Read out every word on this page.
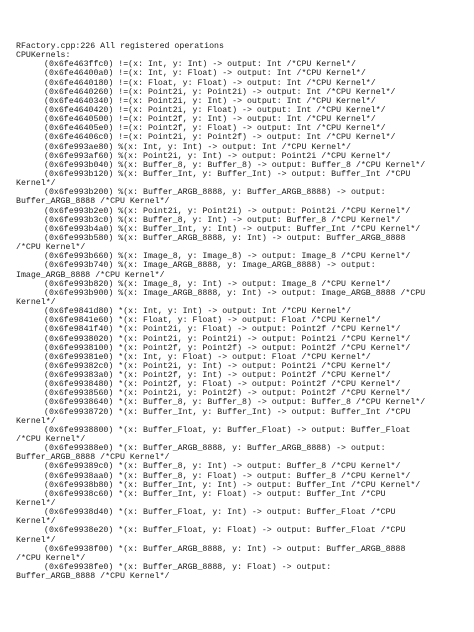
RFactory.cpp:226 All registered operations
CPUKernels:
(0x6fe463ffc0) !=(x: Int, y: Int) -> output: Int /*CPU Kernel*/
(0x6fe46400a0) !=(x: Int, y: Float) -> output: Int /*CPU Kernel*/
(0x6fe4640180) !=(x: Float, y: Float) -> output: Int /*CPU Kernel*/
(0x6fe4640260) !=(x: Point2i, y: Point2i) -> output: Int /*CPU Kernel*/
(0x6fe4640340) !=(x: Point2i, y: Int) -> output: Int /*CPU Kernel*/
(0x6fe4640420) !=(x: Point2i, y: Float) -> output: Int /*CPU Kernel*/
(0x6fe4640500) !=(x: Point2f, y: Int) -> output: Int /*CPU Kernel*/
(0x6fe46405e0) !=(x: Point2f, y: Float) -> output: Int /*CPU Kernel*/
(0x6fe46406c0) !=(x: Point2i, y: Point2f) -> output: Int /*CPU Kernel*/
(0x6fe993ae80) %(x: Int, y: Int) -> output: Int /*CPU Kernel*/
(0x6fe993af60) %(x: Point2i, y: Int) -> output: Point2i /*CPU Kernel*/
(0x6fe993b040) %(x: Buffer_8, y: Buffer_8) -> output: Buffer_8 /*CPU Kernel*/
(0x6fe993b120) %(x: Buffer_Int, y: Buffer_Int) -> output: Buffer_Int /*CPU
Kernel*/
(0x6fe993b200) %(x: Buffer_ARGB_8888, y: Buffer_ARGB_8888) -> output:
Buffer_ARGB_8888 /*CPU Kernel*/
(0x6fe993b2e0) %(x: Point2i, y: Point2i) -> output: Point2i /*CPU Kernel*/
(0x6fe993b3c0) %(x: Buffer_8, y: Int) -> output: Buffer_8 /*CPU Kernel*/
(0x6fe993b4a0) %(x: Buffer_Int, y: Int) -> output: Buffer_Int /*CPU Kernel*/
(0x6fe993b580) %(x: Buffer_ARGB_8888, y: Int) -> output: Buffer_ARGB_8888
/*CPU Kernel*/
(0x6fe993b660) %(x: Image_8, y: Image_8) -> output: Image_8 /*CPU Kernel*/
(0x6fe993b740) %(x: Image_ARGB_8888, y: Image_ARGB_8888) -> output:
Image_ARGB_8888 /*CPU Kernel*/
(0x6fe993b820) %(x: Image_8, y: Int) -> output: Image_8 /*CPU Kernel*/
(0x6fe993b900) %(x: Image_ARGB_8888, y: Int) -> output: Image_ARGB_8888 /*CPU
Kernel*/
(0x6fe9841d80) *(x: Int, y: Int) -> output: Int /*CPU Kernel*/
(0x6fe9841e60) *(x: Float, y: Float) -> output: Float /*CPU Kernel*/
(0x6fe9841f40) *(x: Point2i, y: Float) -> output: Point2f /*CPU Kernel*/
(0x6fe9938020) *(x: Point2i, y: Point2i) -> output: Point2i /*CPU Kernel*/
(0x6fe9938100) *(x: Point2f, y: Point2f) -> output: Point2f /*CPU Kernel*/
(0x6fe99381e0) *(x: Int, y: Float) -> output: Float /*CPU Kernel*/
(0x6fe99382c0) *(x: Point2i, y: Int) -> output: Point2i /*CPU Kernel*/
(0x6fe99383a0) *(x: Point2f, y: Int) -> output: Point2f /*CPU Kernel*/
(0x6fe9938480) *(x: Point2f, y: Float) -> output: Point2f /*CPU Kernel*/
(0x6fe9938560) *(x: Point2i, y: Point2f) -> output: Point2f /*CPU Kernel*/
(0x6fe9938640) *(x: Buffer_8, y: Buffer_8) -> output: Buffer_8 /*CPU Kernel*/
(0x6fe9938720) *(x: Buffer_Int, y: Buffer_Int) -> output: Buffer_Int /*CPU
Kernel*/
(0x6fe9938800) *(x: Buffer_Float, y: Buffer_Float) -> output: Buffer_Float
/*CPU Kernel*/
(0x6fe99388e0) *(x: Buffer_ARGB_8888, y: Buffer_ARGB_8888) -> output:
Buffer_ARGB_8888 /*CPU Kernel*/
(0x6fe99389c0) *(x: Buffer_8, y: Int) -> output: Buffer_8 /*CPU Kernel*/
(0x6fe9938aa0) *(x: Buffer_8, y: Float) -> output: Buffer_8 /*CPU Kernel*/
(0x6fe9938b80) *(x: Buffer_Int, y: Int) -> output: Buffer_Int /*CPU Kernel*/
(0x6fe9938c60) *(x: Buffer_Int, y: Float) -> output: Buffer_Int /*CPU
Kernel*/
(0x6fe9938d40) *(x: Buffer_Float, y: Int) -> output: Buffer_Float /*CPU
Kernel*/
(0x6fe9938e20) *(x: Buffer_Float, y: Float) -> output: Buffer_Float /*CPU
Kernel*/
(0x6fe9938f00) *(x: Buffer_ARGB_8888, y: Int) -> output: Buffer_ARGB_8888
/*CPU Kernel*/
(0x6fe9938fe0) *(x: Buffer_ARGB_8888, y: Float) -> output:
Buffer_ARGB_8888 /*CPU Kernel*/
